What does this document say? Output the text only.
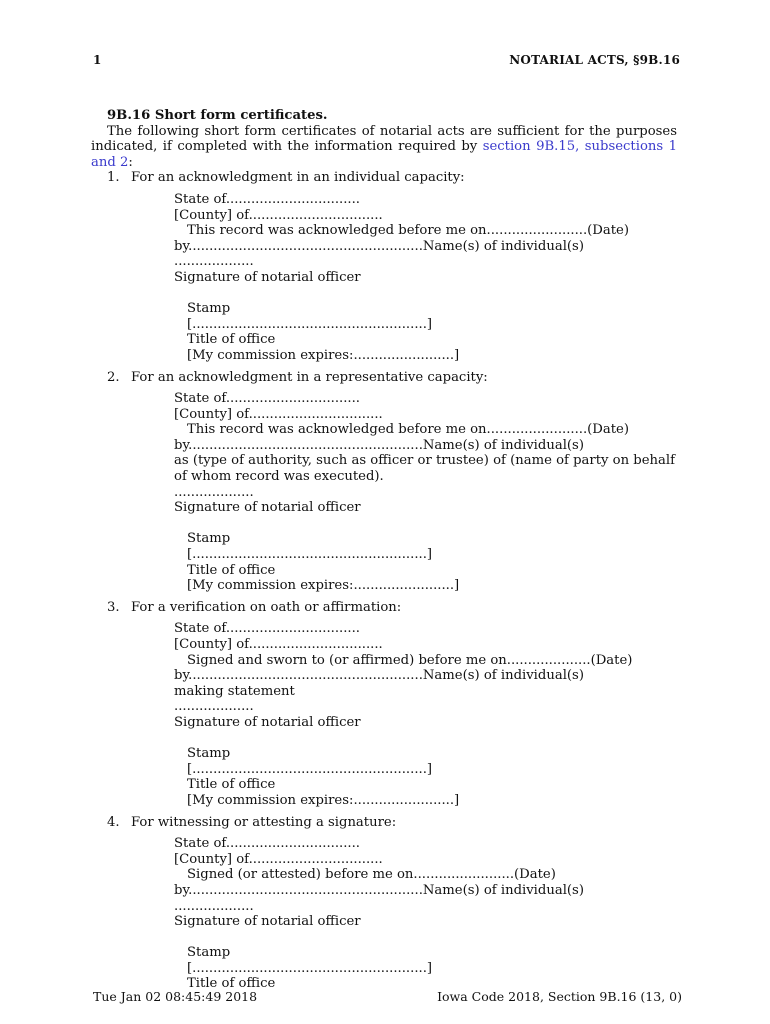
1	NOTARIAL ACTS, §9B.16
9B.16 Short form certificates.
The following short form certificates of notarial acts are sufficient for the purposes indicated, if completed with the information required by section 9B.15, subsections 1 and 2:
1. For an acknowledgment in an individual capacity:
State of................................
[County] of................................
This record was acknowledged before me on........................(Date)
by........................................................Name(s) of individual(s)
...................
Signature of notarial officer
Stamp
[........................................................]
Title of office
[My commission expires:........................]
2. For an acknowledgment in a representative capacity:
State of................................
[County] of................................
This record was acknowledged before me on........................(Date)
by........................................................Name(s) of individual(s)
as (type of authority, such as officer or trustee) of (name of party on behalf of whom record was executed).
...................
Signature of notarial officer
Stamp
[........................................................]
Title of office
[My commission expires:........................]
3. For a verification on oath or affirmation:
State of................................
[County] of................................
Signed and sworn to (or affirmed) before me on....................(Date)
by........................................................Name(s) of individual(s)
making statement
...................
Signature of notarial officer
Stamp
[........................................................]
Title of office
[My commission expires:........................]
4. For witnessing or attesting a signature:
State of................................
[County] of................................
Signed (or attested) before me on........................(Date)
by........................................................Name(s) of individual(s)
...................
Signature of notarial officer
Stamp
[........................................................]
Title of office
Tue Jan 02 08:45:49 2018	Iowa Code 2018, Section 9B.16 (13, 0)
